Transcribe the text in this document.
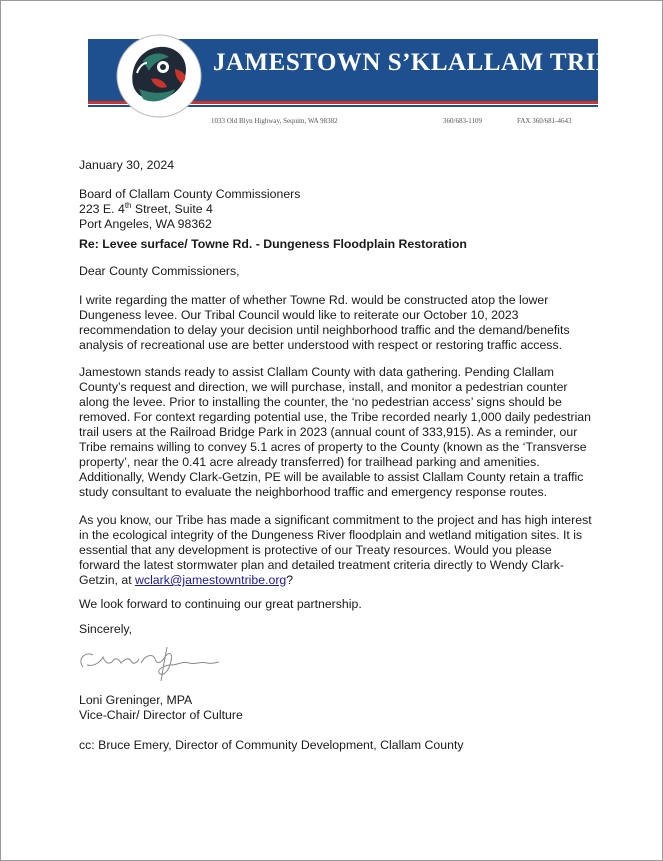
JAMESTOWN S’KLALLAM TRIBE
1033 Old Blyn Highway, Sequim, WA 98382	360/683-1109	FAX 360/681-4643
January 30, 2024
Board of Clallam County Commissioners
223 E. 4th Street, Suite 4
Port Angeles, WA 98362
Re: Levee surface/ Towne Rd. - Dungeness Floodplain Restoration
Dear County Commissioners,
I write regarding the matter of whether Towne Rd. would be constructed atop the lower
Dungeness levee. Our Tribal Council would like to reiterate our October 10, 2023
recommendation to delay your decision until neighborhood traffic and the demand/benefits
analysis of recreational use are better understood with respect or restoring traffic access.
Jamestown stands ready to assist Clallam County with data gathering. Pending Clallam
County’s request and direction, we will purchase, install, and monitor a pedestrian counter
along the levee. Prior to installing the counter, the ‘no pedestrian access’ signs should be
removed. For context regarding potential use, the Tribe recorded nearly 1,000 daily pedestrian
trail users at the Railroad Bridge Park in 2023 (annual count of 333,915). As a reminder, our
Tribe remains willing to convey 5.1 acres of property to the County (known as the ‘Transverse
property’, near the 0.41 acre already transferred) for trailhead parking and amenities.
Additionally, Wendy Clark-Getzin, PE will be available to assist Clallam County retain a traffic
study consultant to evaluate the neighborhood traffic and emergency response routes.
As you know, our Tribe has made a significant commitment to the project and has high interest
in the ecological integrity of the Dungeness River floodplain and wetland mitigation sites. It is
essential that any development is protective of our Treaty resources. Would you please
forward the latest stormwater plan and detailed treatment criteria directly to Wendy Clark-
Getzin, at wclark@jamestowntribe.org?
We look forward to continuing our great partnership.
Sincerely,
Loni Greninger, MPA
Vice-Chair/ Director of Culture
cc: Bruce Emery, Director of Community Development, Clallam County
